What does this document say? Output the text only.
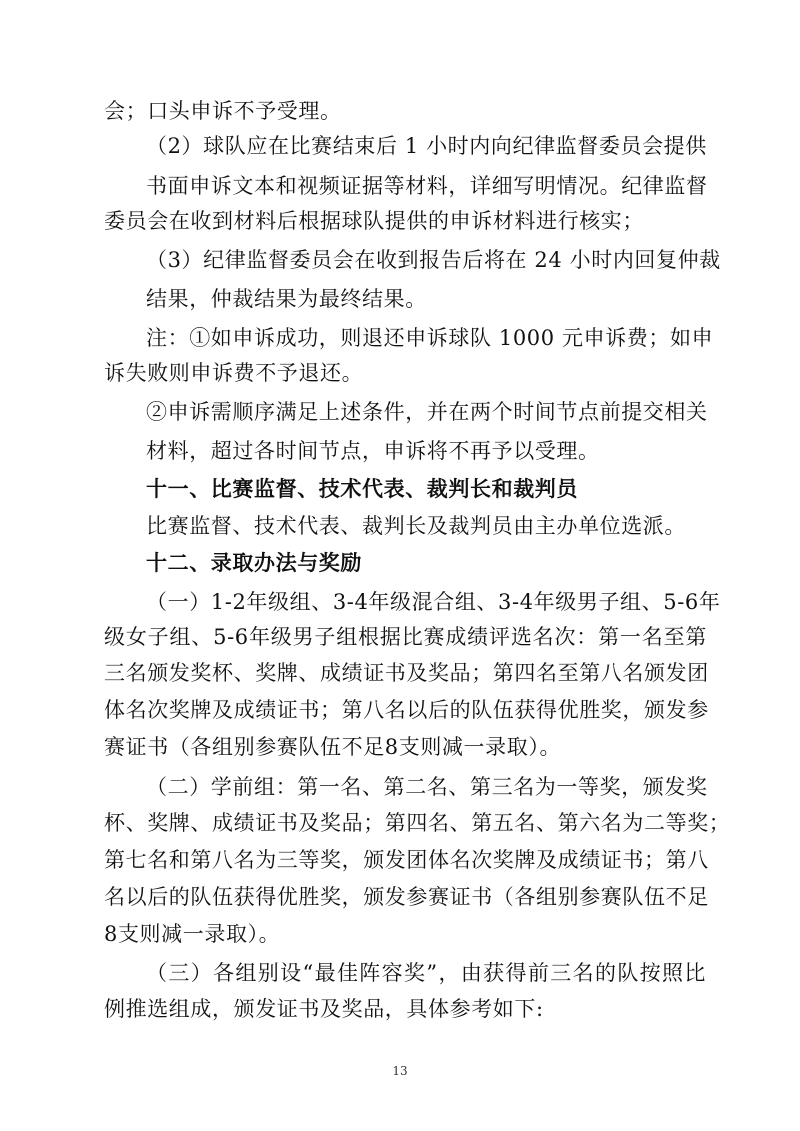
会；口头申诉不予受理。
（2）球队应在比赛结束后 1 小时内向纪律监督委员会提供
书面申诉文本和视频证据等材料，详细写明情况。纪律监督
委员会在收到材料后根据球队提供的申诉材料进行核实；
（3）纪律监督委员会在收到报告后将在 24 小时内回复仲裁
结果，仲裁结果为最终结果。
注：①如申诉成功，则退还申诉球队 1000 元申诉费；如申
诉失败则申诉费不予退还。
②申诉需顺序满足上述条件，并在两个时间节点前提交相关
材料，超过各时间节点，申诉将不再予以受理。
十一、比赛监督、技术代表、裁判长和裁判员
比赛监督、技术代表、裁判长及裁判员由主办单位选派。
十二、录取办法与奖励
（一）1-2年级组、3-4年级混合组、3-4年级男子组、5-6年
级女子组、5-6年级男子组根据比赛成绩评选名次：第一名至第
三名颁发奖杯、奖牌、成绩证书及奖品；第四名至第八名颁发团
体名次奖牌及成绩证书；第八名以后的队伍获得优胜奖，颁发参
赛证书（各组别参赛队伍不足8支则减一录取）。
（二）学前组：第一名、第二名、第三名为一等奖，颁发奖
杯、奖牌、成绩证书及奖品；第四名、第五名、第六名为二等奖；
第七名和第八名为三等奖，颁发团体名次奖牌及成绩证书；第八
名以后的队伍获得优胜奖，颁发参赛证书（各组别参赛队伍不足
8支则减一录取）。
（三）各组别设“最佳阵容奖”，由获得前三名的队按照比
例推选组成，颁发证书及奖品，具体参考如下:
13
